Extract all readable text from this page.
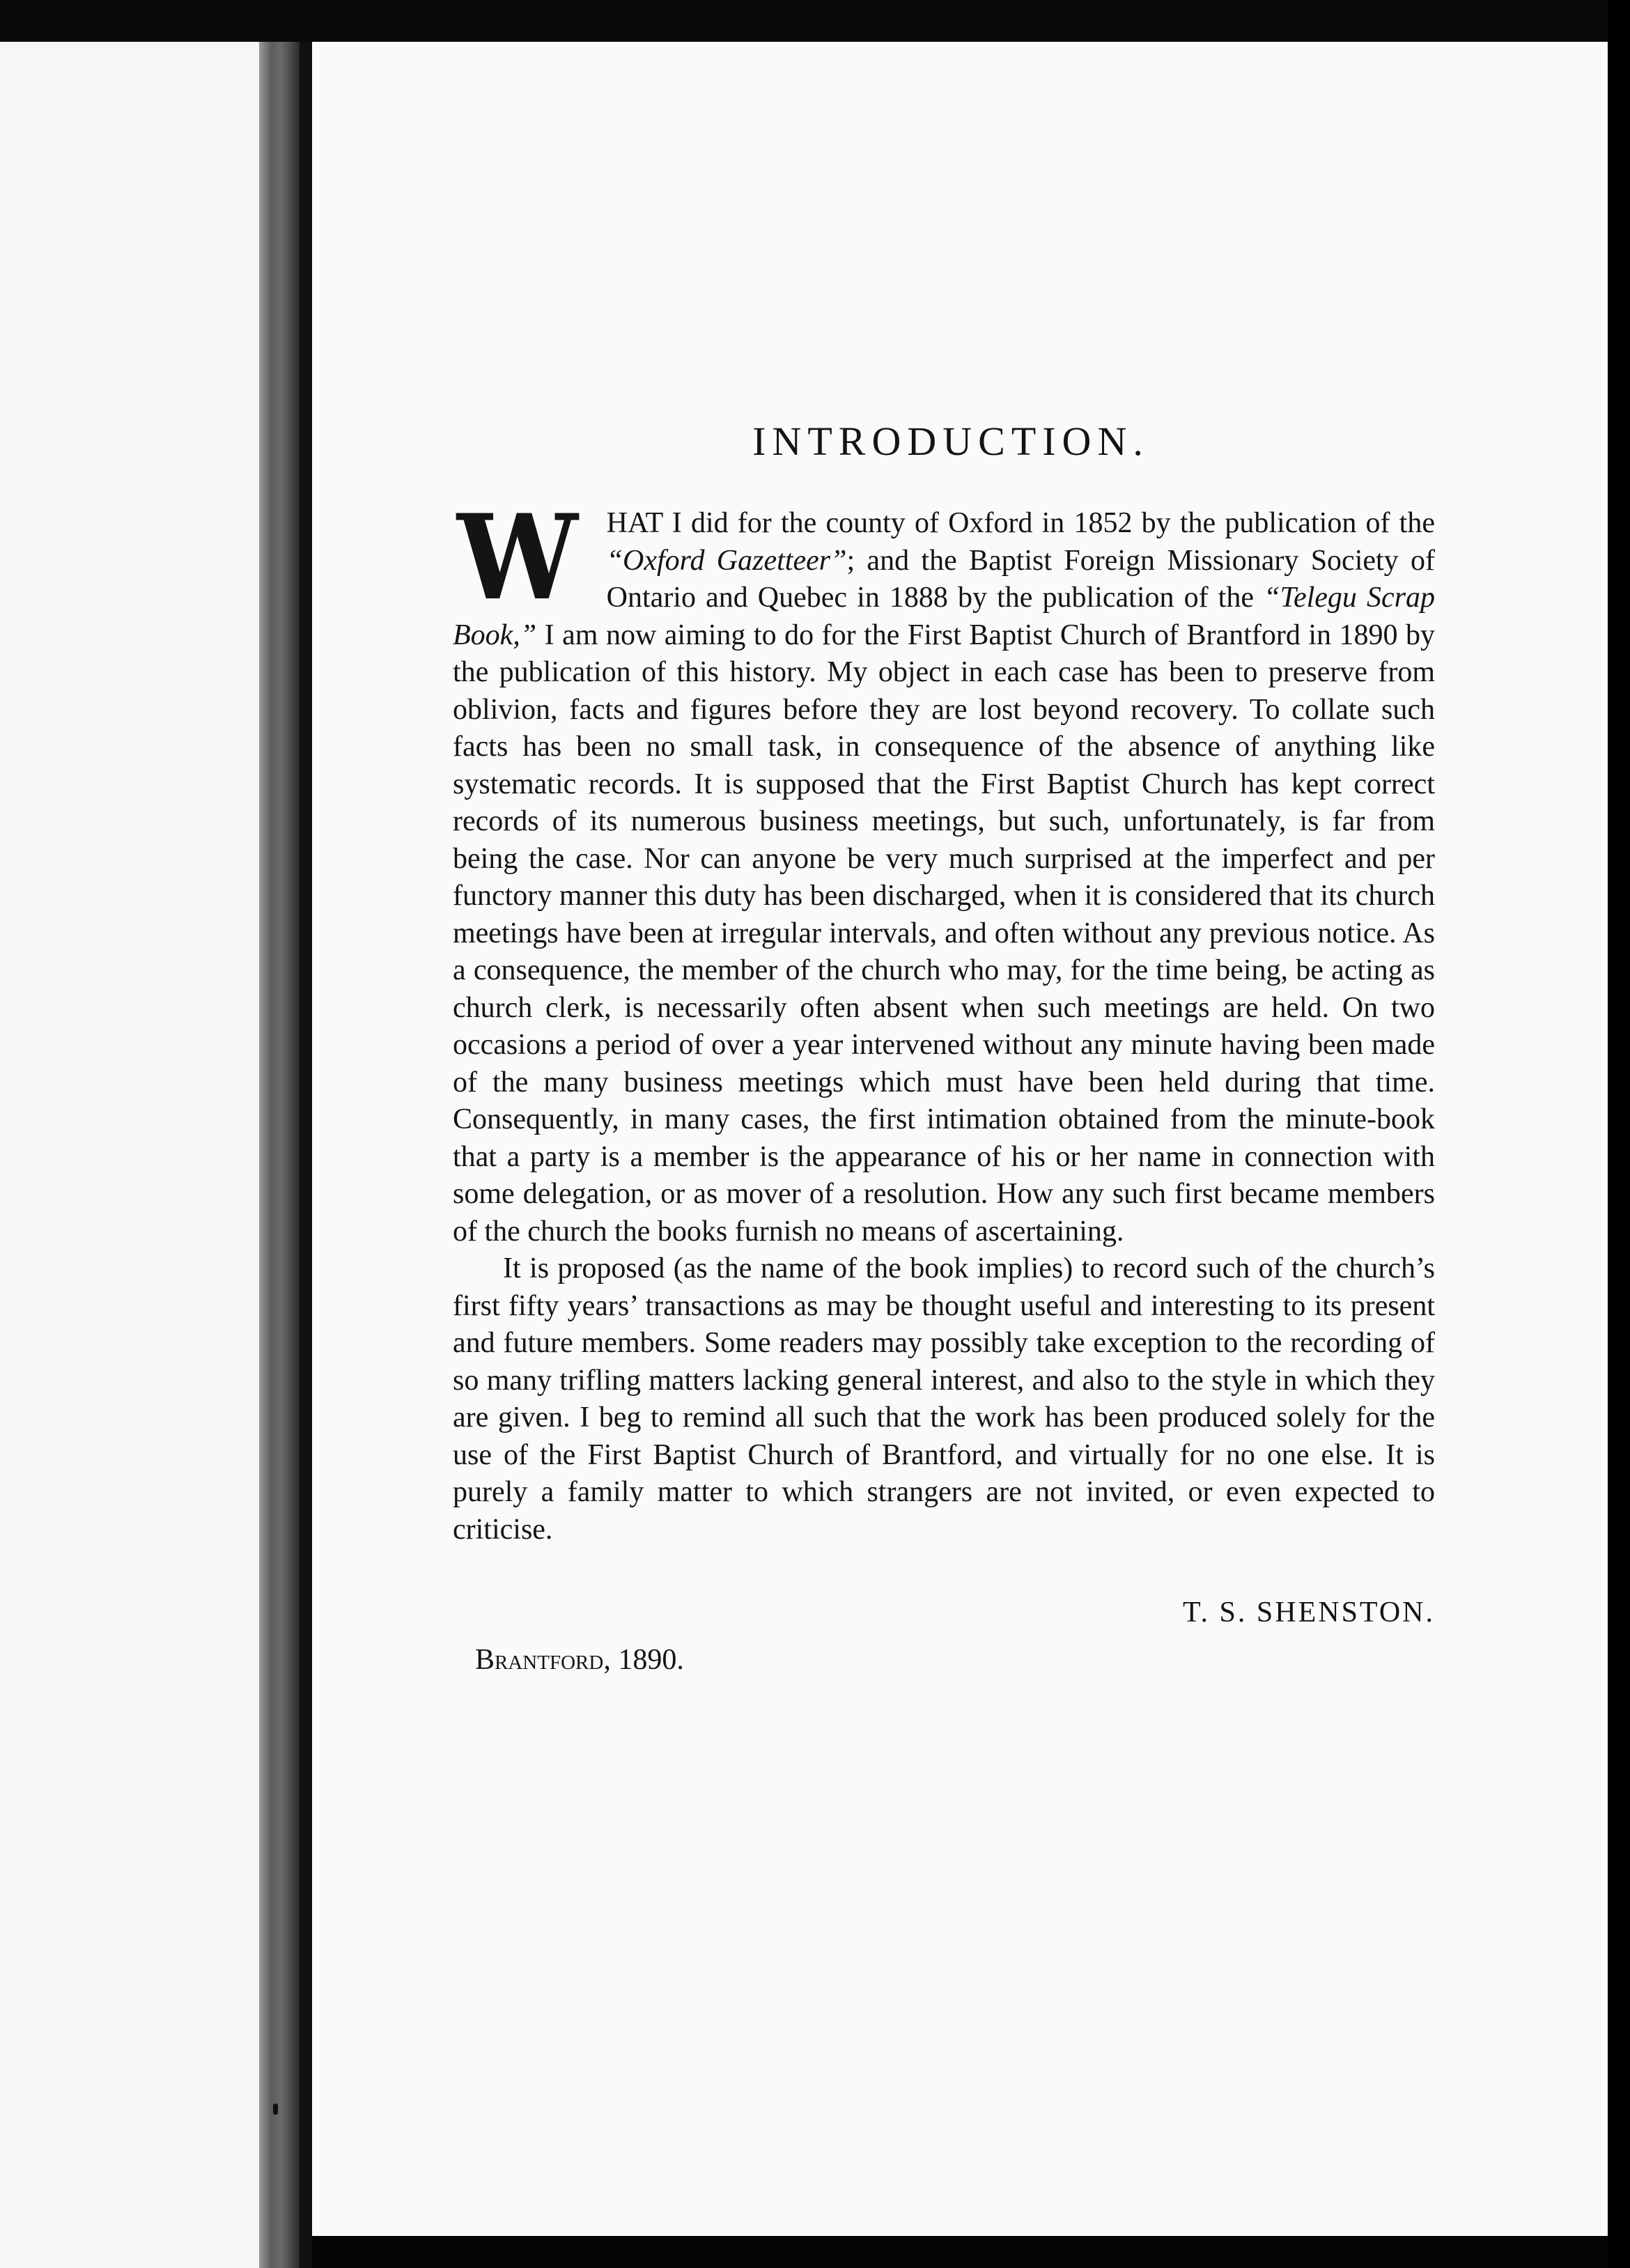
INTRODUCTION.

WHAT I did for the county of Oxford in 1852 by the publication of the “Oxford Gazetteer”; and the Baptist Foreign Missionary Society of Ontario and Quebec in 1888 by the publication of the “Telegu Scrap Book,” I am now aiming to do for the First Baptist Church of Brantford in 1890 by the publication of this history. My object in each case has been to preserve from oblivion, facts and figures before they are lost beyond recovery. To collate such facts has been no small task, in consequence of the absence of anything like systematic records. It is supposed that the First Baptist Church has kept correct records of its numerous business meetings, but such, unfortunately, is far from being the case. Nor can anyone be very much surprised at the imperfect and per functory manner this duty has been discharged, when it is considered that its church meetings have been at irregular intervals, and often without any previous notice. As a consequence, the member of the church who may, for the time being, be acting as church clerk, is necessarily often absent when such meetings are held. On two occasions a period of over a year intervened without any minute having been made of the many business meetings which must have been held during that time. Consequently, in many cases, the first intimation obtained from the minute-book that a party is a member is the appearance of his or her name in connection with some delegation, or as mover of a resolution. How any such first became members of the church the books furnish no means of ascertaining.

It is proposed (as the name of the book implies) to record such of the church’s first fifty years’ transactions as may be thought useful and interesting to its present and future members. Some readers may possibly take exception to the recording of so many trifling matters lacking general interest, and also to the style in which they are given. I beg to remind all such that the work has been produced solely for the use of the First Baptist Church of Brantford, and virtually for no one else. It is purely a family matter to which strangers are not invited, or even expected to criticise.

T. S. SHENSTON.
Brantford, 1890.
